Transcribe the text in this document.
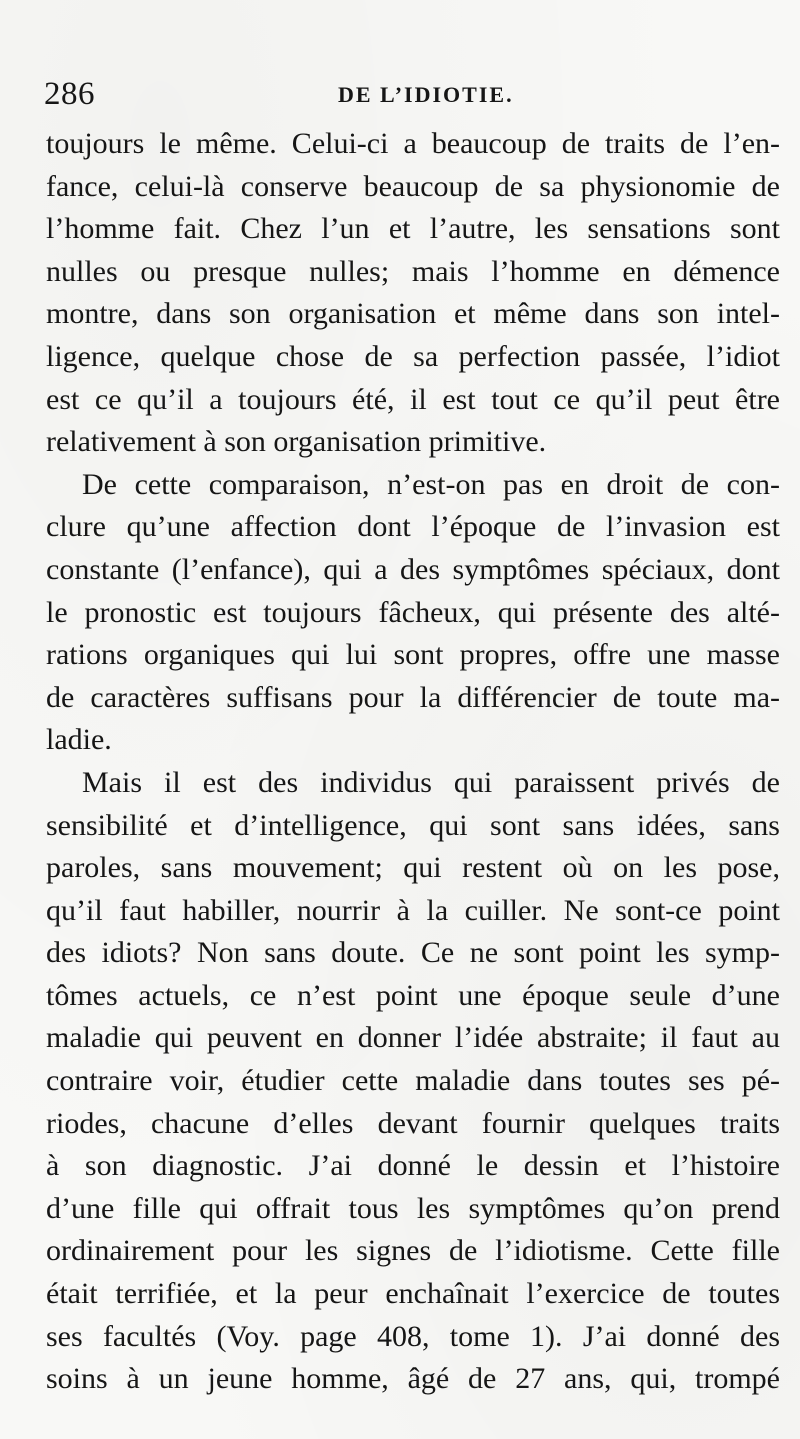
286	DE L’IDIOTIE.
toujours le même. Celui-ci a beaucoup de traits de l’en-
fance, celui-là conserve beaucoup de sa physionomie de
l’homme fait. Chez l’un et l’autre, les sensations sont
nulles ou presque nulles; mais l’homme en démence
montre, dans son organisation et même dans son intel-
ligence, quelque chose de sa perfection passée, l’idiot
est ce qu’il a toujours été, il est tout ce qu’il peut être
relativement à son organisation primitive.
De cette comparaison, n’est-on pas en droit de con-
clure qu’une affection dont l’époque de l’invasion est
constante (l’enfance), qui a des symptômes spéciaux, dont
le pronostic est toujours fâcheux, qui présente des alté-
rations organiques qui lui sont propres, offre une masse
de caractères suffisans pour la différencier de toute ma-
ladie.
Mais il est des individus qui paraissent privés de
sensibilité et d’intelligence, qui sont sans idées, sans
paroles, sans mouvement; qui restent où on les pose,
qu’il faut habiller, nourrir à la cuiller. Ne sont-ce point
des idiots? Non sans doute. Ce ne sont point les symp-
tômes actuels, ce n’est point une époque seule d’une
maladie qui peuvent en donner l’idée abstraite; il faut au
contraire voir, étudier cette maladie dans toutes ses pé-
riodes, chacune d’elles devant fournir quelques traits
à son diagnostic. J’ai donné le dessin et l’histoire
d’une fille qui offrait tous les symptômes qu’on prend
ordinairement pour les signes de l’idiotisme. Cette fille
était terrifiée, et la peur enchaînait l’exercice de toutes
ses facultés (Voy. page 408, tome 1). J’ai donné des
soins à un jeune homme, âgé de 27 ans, qui, trompé
